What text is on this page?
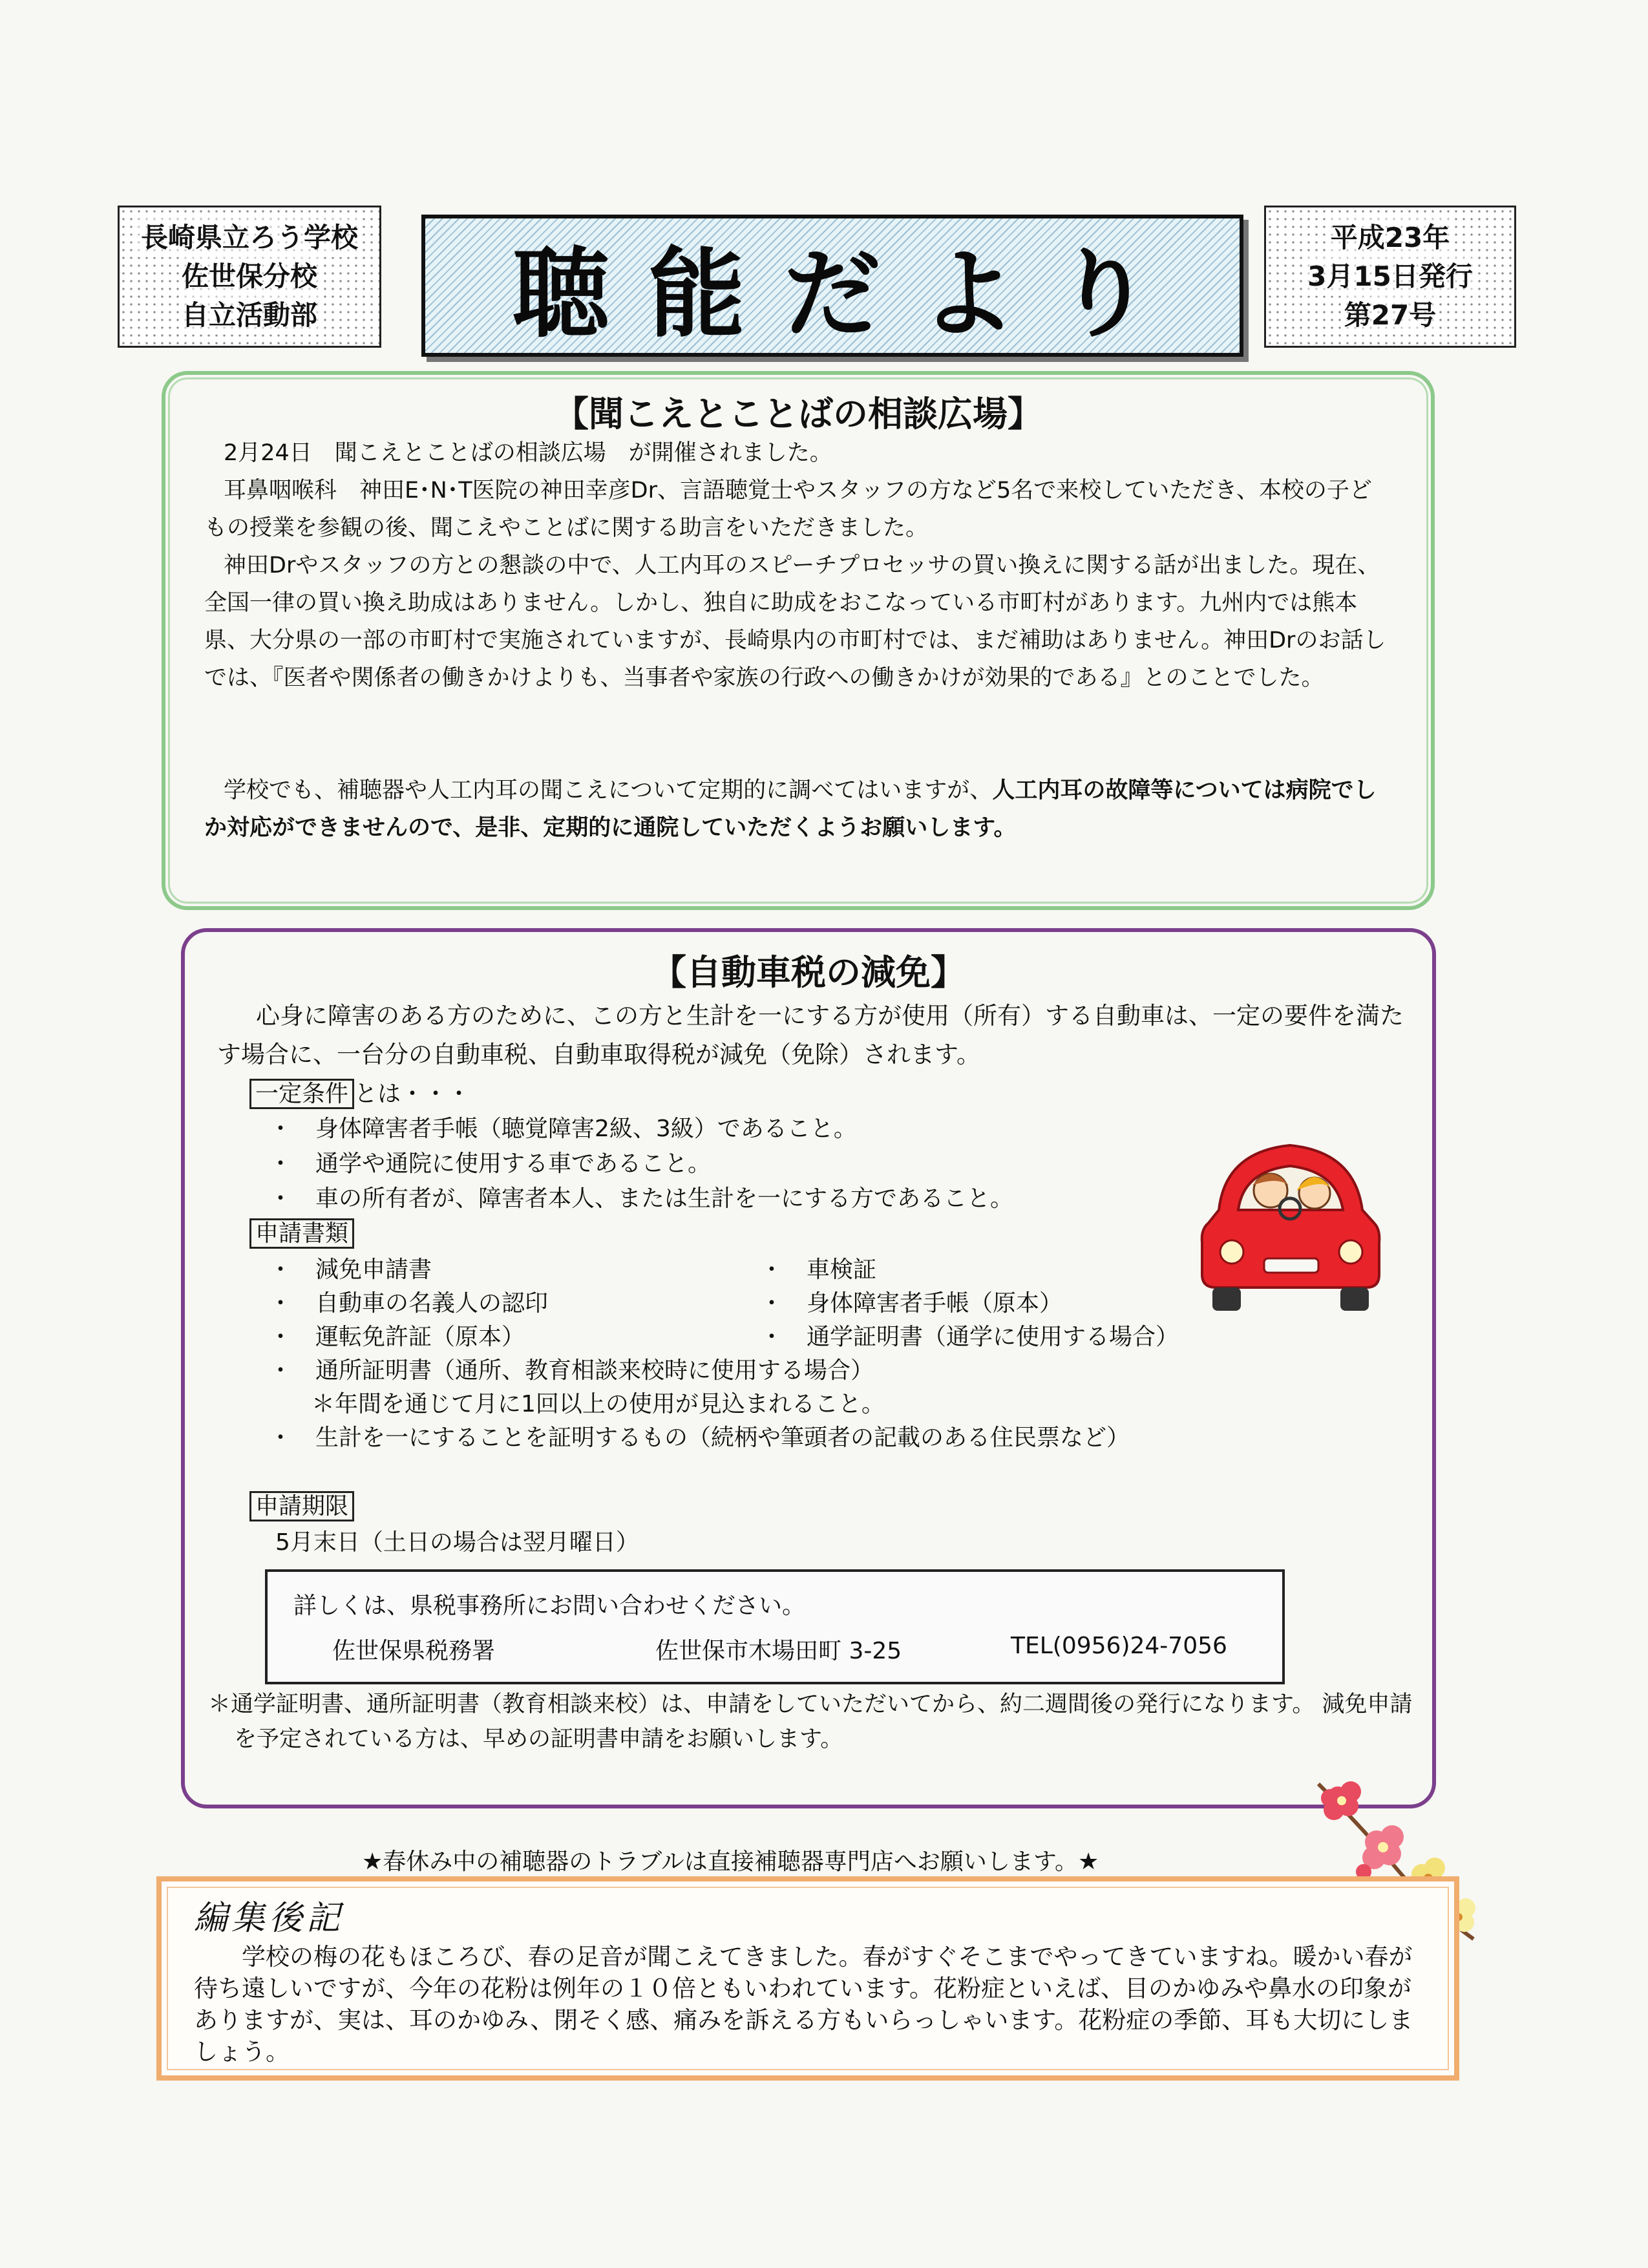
長崎県立ろう学校
佐世保分校
自立活動部 聴能だより
平成23年
3月15日発行
第27号
【聞こえとことばの相談広場】
2月24日　聞こえとことばの相談広場　が開催されました。
耳鼻咽喉科　神田E･N･T医院の神田幸彦Dr、言語聴覚士やスタッフの方など5名で来校していただき、本校の子どもの授業を参観の後、聞こえやことばに関する助言をいただきました。
神田Drやスタッフの方との懇談の中で、人工内耳のスピーチプロセッサの買い換えに関する話が出ました。現在、全国一律の買い換え助成はありません。しかし、独自に助成をおこなっている市町村があります。九州内では熊本県、大分県の一部の市町村で実施されていますが、長崎県内の市町村では、まだ補助はありません。神田Drのお話しでは、『医者や関係者の働きかけよりも、当事者や家族の行政への働きかけが効果的である』とのことでした。
学校でも、補聴器や人工内耳の聞こえについて定期的に調べてはいますが、人工内耳の故障等については病院でしか対応ができませんので、是非、定期的に通院していただくようお願いします。
【自動車税の減免】
心身に障害のある方のために、この方と生計を一にする方が使用（所有）する自動車は、一定の要件を満たす場合に、一台分の自動車税、自動車取得税が減免（免除）されます。
一定条件 とは・・・
・　身体障害者手帳（聴覚障害2級、3級）であること。
・　通学や通院に使用する車であること。
・　車の所有者が、障害者本人、または生計を一にする方であること。
申請書類
・　減免申請書
・　自動車の名義人の認印
・　運転免許証（原本）
・　通所証明書（通所、教育相談来校時に使用する場合）
・　車検証
・　身体障害者手帳（原本）
・　通学証明書（通学に使用する場合）
＊年間を通じて月に1回以上の使用が見込まれること。
・　生計を一にすることを証明するもの（続柄や筆頭者の記載のある住民票など）
申請期限
5月末日（土日の場合は翌月曜日）
＊通学証明書、通所証明書（教育相談来校）は、申請をしていただいてから、約二週間後の発行になります。 減免申請を予定されている方は、早めの証明書申請をお願いします。
詳しくは、県税事務所にお問い合わせください。
佐世保県税務署	佐世保市木場田町 3-25	TEL(0956)24-7056
★春休み中の補聴器のトラブルは直接補聴器専門店へお願いします。★
編集後記
学校の梅の花もほころび、春の足音が聞こえてきました。春がすぐそこまでやってきていますね。暖かい春が待ち遠しいですが、今年の花粉は例年の１０倍ともいわれています。花粉症といえば、目のかゆみや鼻水の印象がありますが、実は、耳のかゆみ、閉そく感、痛みを訴える方もいらっしゃいます。花粉症の季節、耳も大切にしましょう。
